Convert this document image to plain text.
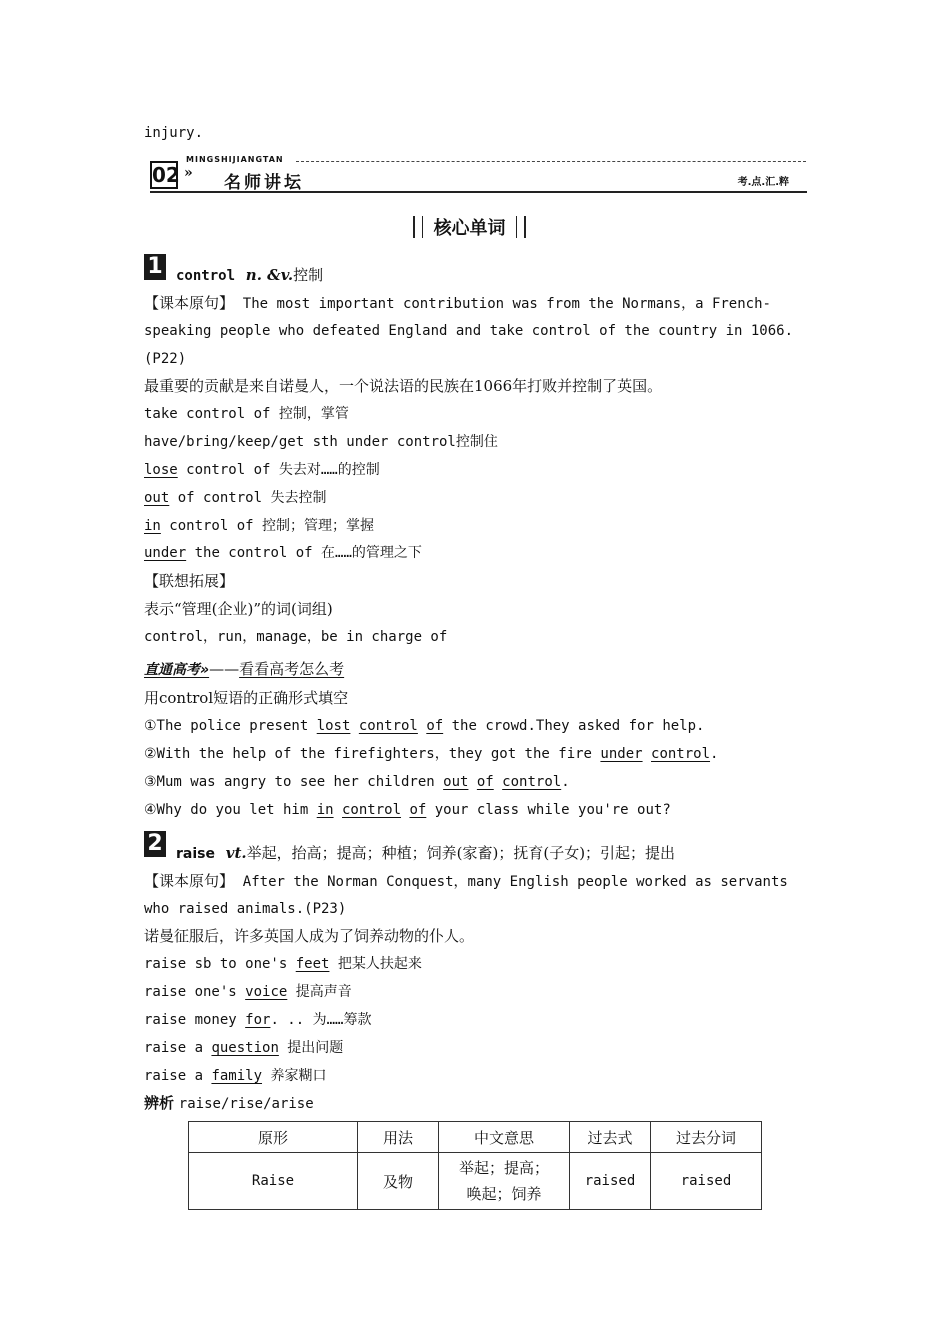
injury.
02 »
MINGSHIJIANGTAN
名师讲坛	考.点.汇.粹
核心单词
1 control n. &v.控制
【课本原句】 The most important contribution was from the Normans，a French-
speaking people who defeated England and take control of the country in 1066.
(P22)
最重要的贡献是来自诺曼人，一个说法语的民族在1066年打败并控制了英国。
take control of 控制，掌管
have/bring/keep/get sth under control控制住
lose control of 失去对……的控制
out of control 失去控制
in control of 控制；管理；掌握
under the control of 在……的管理之下
【联想拓展】
表示“管理(企业)”的词(词组)
control，run，manage，be in charge of
直通高考»——看看高考怎么考
用control短语的正确形式填空
①The police present lost control of the crowd.They asked for help.
②With the help of the firefighters，they got the fire under control.
③Mum was angry to see her children out of control.
④Why do you let him in control of your class while you're out?
2 raise vt.举起，抬高；提高；种植；饲养(家畜)；抚育(子女)；引起；提出
【课本原句】 After the Norman Conquest，many English people worked as servants
who raised animals.(P23)
诺曼征服后，许多英国人成为了饲养动物的仆人。
raise sb to one's feet 把某人扶起来
raise one's voice 提高声音
raise money for. .. 为……筹款
raise a question 提出问题
raise a family 养家糊口
辨析 raise/rise/arise
原形	用法	中文意思	过去式	过去分词
Raise	及物	举起；提高；唤起；饲养	raised	raised
